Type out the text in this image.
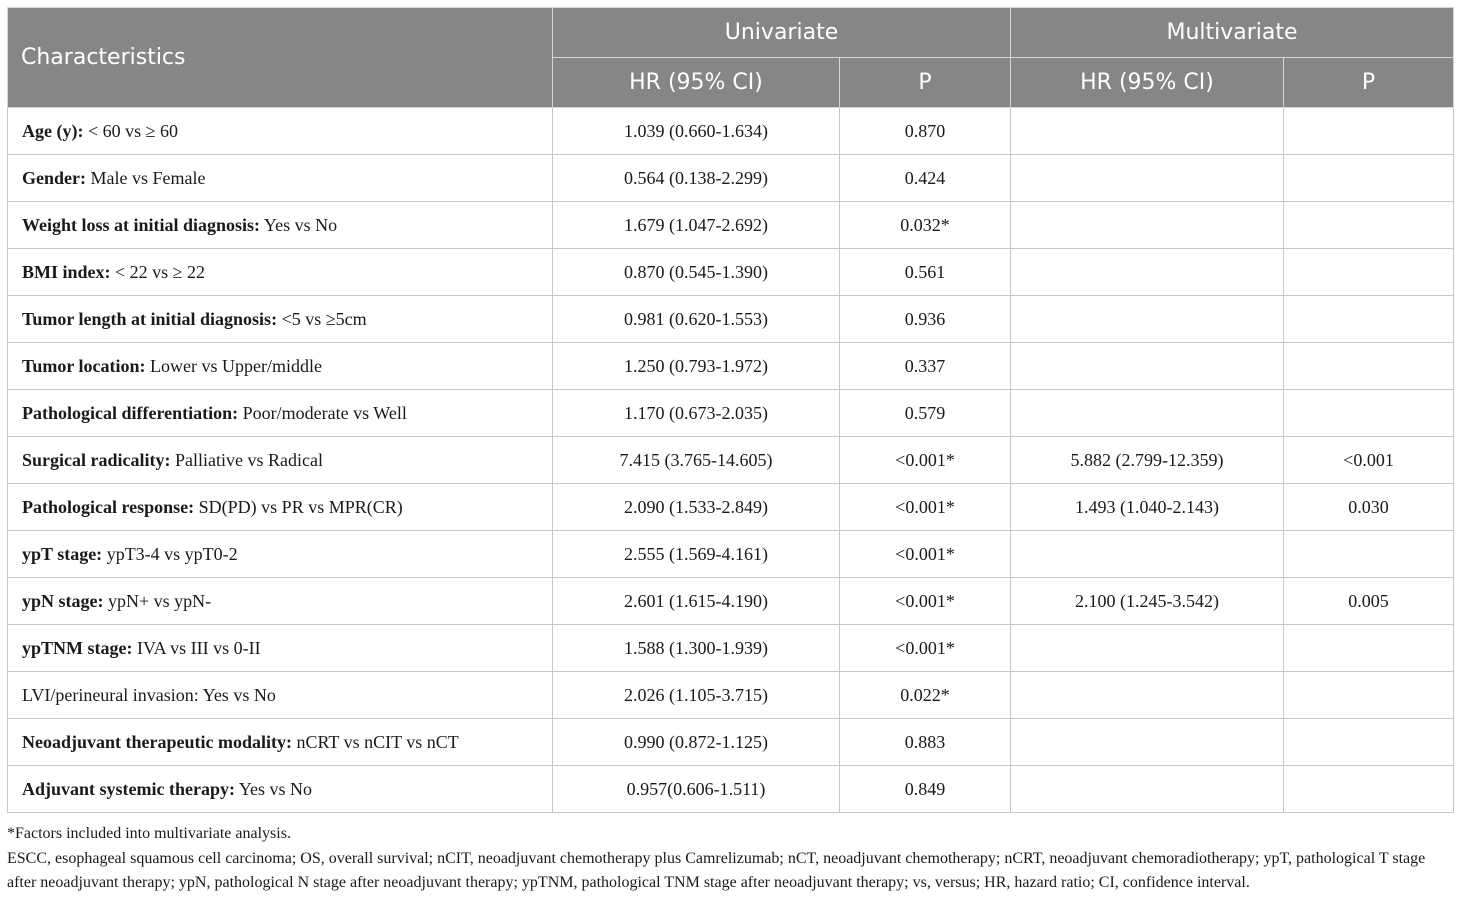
Characteristics	Univariate		Multivariate	
	HR (95% CI)	P	HR (95% CI)	P
Age (y): < 60 vs ≥ 60	1.039 (0.660-1.634)	0.870		
Gender: Male vs Female	0.564 (0.138-2.299)	0.424		
Weight loss at initial diagnosis: Yes vs No	1.679 (1.047-2.692)	0.032*		
BMI index: < 22 vs ≥ 22	0.870 (0.545-1.390)	0.561		
Tumor length at initial diagnosis: <5 vs ≥5cm	0.981 (0.620-1.553)	0.936		
Tumor location: Lower vs Upper/middle	1.250 (0.793-1.972)	0.337		
Pathological differentiation: Poor/moderate vs Well	1.170 (0.673-2.035)	0.579		
Surgical radicality: Palliative vs Radical	7.415 (3.765-14.605)	<0.001*	5.882 (2.799-12.359)	<0.001
Pathological response: SD(PD) vs PR vs MPR(CR)	2.090 (1.533-2.849)	<0.001*	1.493 (1.040-2.143)	0.030
ypT stage: ypT3-4 vs ypT0-2	2.555 (1.569-4.161)	<0.001*		
ypN stage: ypN+ vs ypN-	2.601 (1.615-4.190)	<0.001*	2.100 (1.245-3.542)	0.005
ypTNM stage: IVA vs III vs 0-II	1.588 (1.300-1.939)	<0.001*		
LVI/perineural invasion: Yes vs No	2.026 (1.105-3.715)	0.022*		
Neoadjuvant therapeutic modality: nCRT vs nCIT vs nCT	0.990 (0.872-1.125)	0.883		
Adjuvant systemic therapy: Yes vs No	0.957(0.606-1.511)	0.849		

*Factors included into multivariate analysis.

ESCC, esophageal squamous cell carcinoma; OS, overall survival; nCIT, neoadjuvant chemotherapy plus Camrelizumab; nCT, neoadjuvant chemotherapy; nCRT, neoadjuvant chemoradiotherapy; ypT, pathological T stage after neoadjuvant therapy; ypN, pathological N stage after neoadjuvant therapy; ypTNM, pathological TNM stage after neoadjuvant therapy; vs, versus; HR, hazard ratio; CI, confidence interval.
